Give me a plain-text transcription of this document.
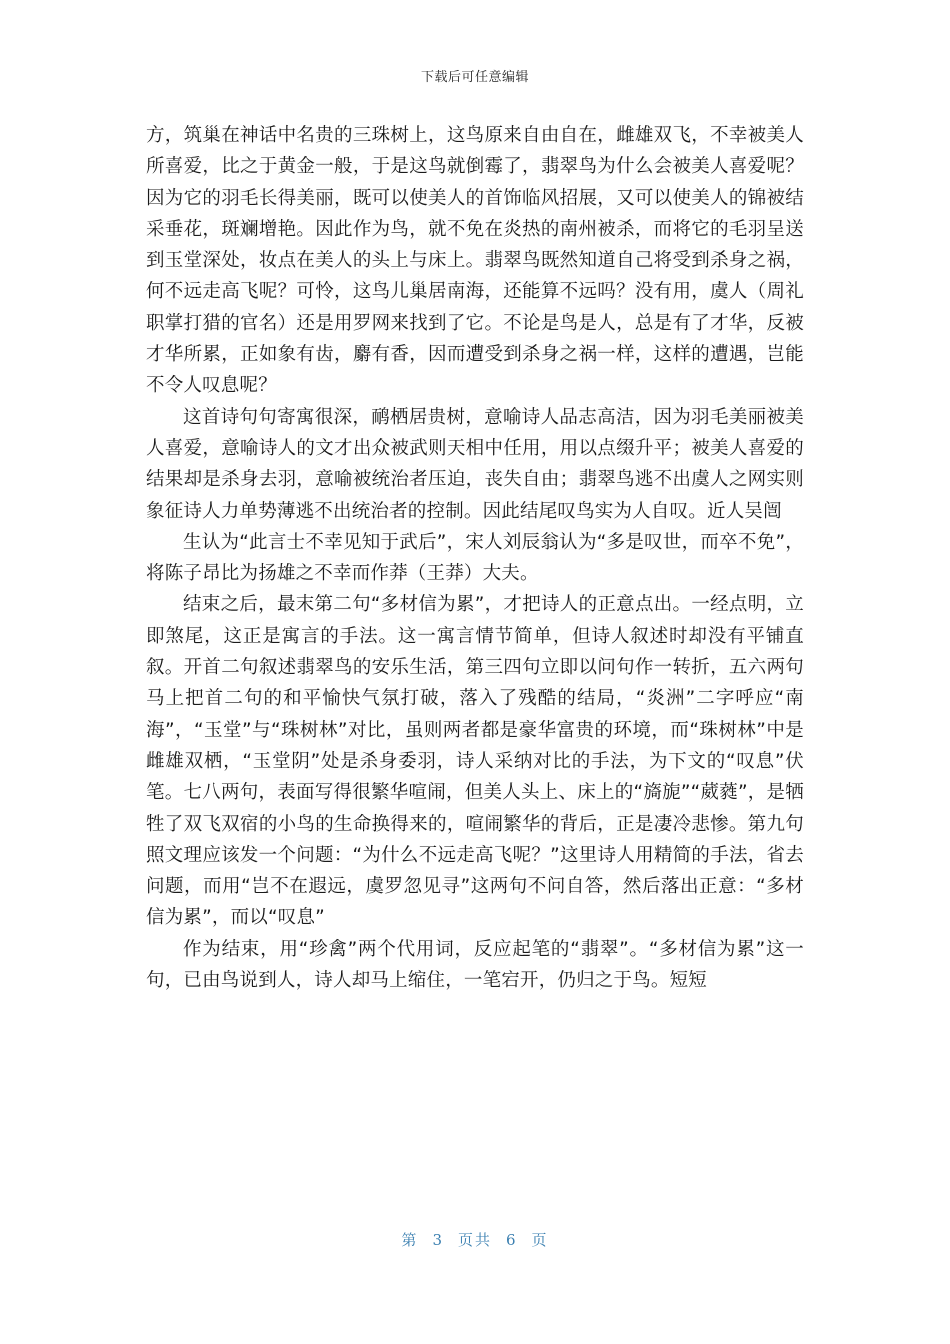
下载后可任意编辑

方，筑巢在神话中名贵的三珠树上，这鸟原来自由自在，雌雄双飞，不幸被美人所喜爱，比之于黄金一般，于是这鸟就倒霉了，翡翠鸟为什么会被美人喜爱呢？因为它的羽毛长得美丽，既可以使美人的首饰临风招展，又可以使美人的锦被结采垂花，斑斓增艳。因此作为鸟，就不免在炎热的南州被杀，而将它的毛羽呈送到玉堂深处，妆点在美人的头上与床上。翡翠鸟既然知道自己将受到杀身之祸，何不远走高飞呢？可怜，这鸟儿巢居南海，还能算不远吗？没有用，虞人（周礼职掌打猎的官名）还是用罗网来找到了它。不论是鸟是人，总是有了才华，反被才华所累，正如象有齿，麝有香，因而遭受到杀身之祸一样，这样的遭遇，岂能不令人叹息呢？

这首诗句句寄寓很深，鸸栖居贵树，意喻诗人品志高洁，因为羽毛美丽被美人喜爱，意喻诗人的文才出众被武则天相中任用，用以点缀升平；被美人喜爱的结果却是杀身去羽，意喻被统治者压迫，丧失自由；翡翠鸟逃不出虞人之网实则象征诗人力单势薄逃不出统治者的控制。因此结尾叹鸟实为人自叹。近人吴闿

生认为“此言士不幸见知于武后”，宋人刘辰翁认为“多是叹世，而卒不免”，将陈子昂比为扬雄之不幸而作莽（王莽）大夫。

结束之后，最末第二句“多材信为累”，才把诗人的正意点出。一经点明，立即煞尾，这正是寓言的手法。这一寓言情节简单，但诗人叙述时却没有平铺直叙。开首二句叙述翡翠鸟的安乐生活，第三四句立即以问句作一转折，五六两句马上把首二句的和平愉快气氛打破，落入了残酷的结局，“炎洲”二字呼应“南海”，“玉堂”与“珠树林”对比，虽则两者都是豪华富贵的环境，而“珠树林”中是雌雄双栖，“玉堂阴”处是杀身委羽，诗人采纳对比的手法，为下文的“叹息”伏笔。七八两句，表面写得很繁华喧闹，但美人头上、床上的“旖旎”“葳蕤”，是牺牲了双飞双宿的小鸟的生命换得来的，喧闹繁华的背后，正是凄冷悲惨。第九句照文理应该发一个问题：“为什么不远走高飞呢？”这里诗人用精简的手法，省去问题，而用“岂不在遐远，虞罗忽见寻”这两句不问自答，然后落出正意：“多材信为累”，而以“叹息”

作为结束，用“珍禽”两个代用词，反应起笔的“翡翠”。“多材信为累”这一句，已由鸟说到人，诗人却马上缩住，一笔宕开，仍归之于鸟。短短

第 3 页共 6 页
